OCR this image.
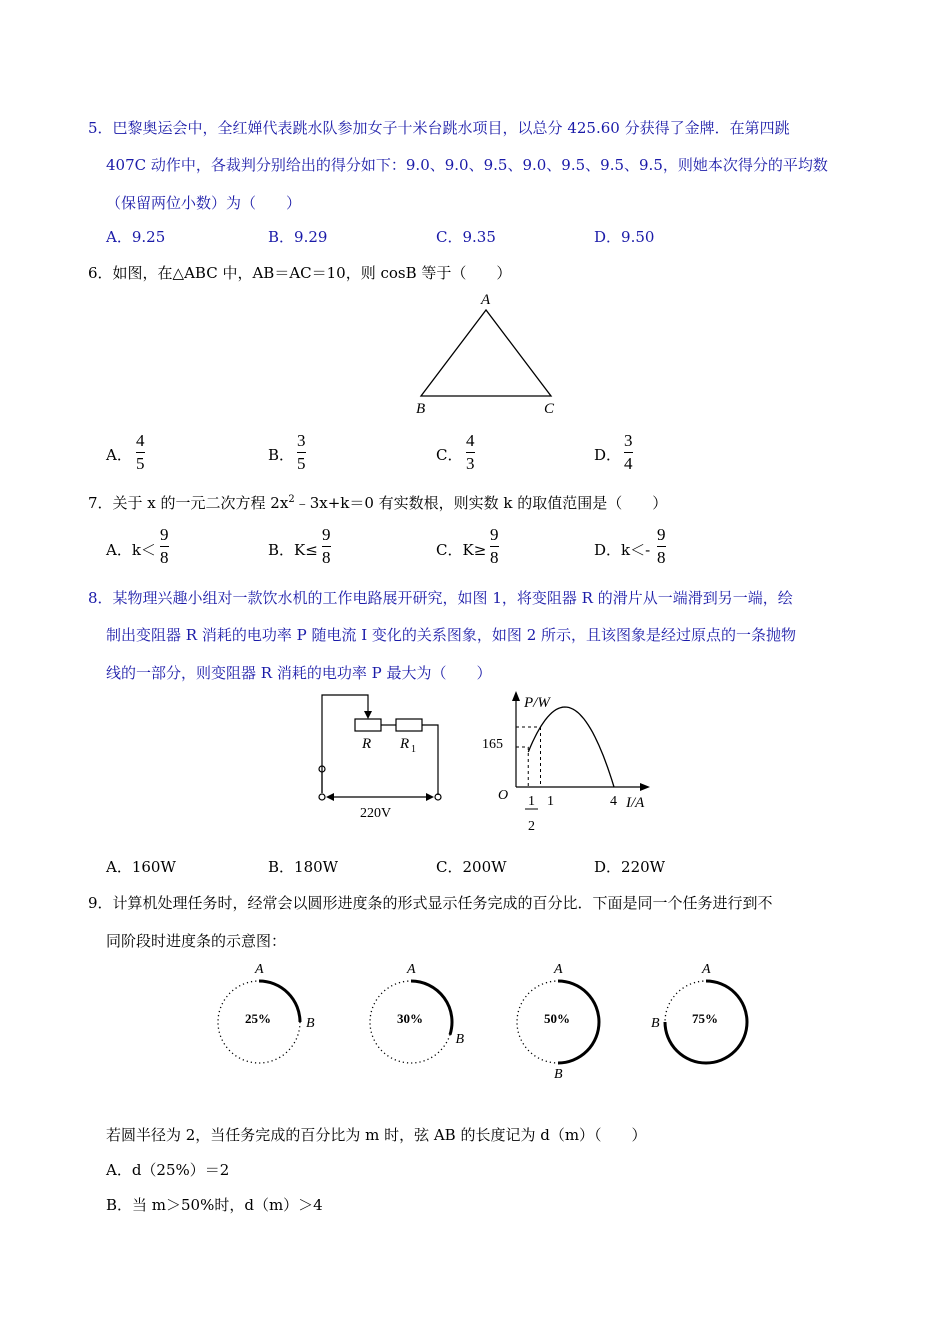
5．巴黎奥运会中，全红婵代表跳水队参加女子十米台跳水项目，以总分 425.60 分获得了金牌．在第四跳
407C 动作中，各裁判分别给出的得分如下：9.0、9.0、9.5、9.0、9.5、9.5、9.5，则她本次得分的平均数
（保留两位小数）为（　　）
A．9.25	B．9.29	C．9.35	D．9.50
6．如图，在△ABC 中，AB＝AC＝10，则 cosB 等于（　　）
A
B	C
A．
4
5	B．
3
5	C．
4
3	D．
3
4
7．关于 x 的一元二次方程 $2x^2﹣3x+k=0$ 有实数根，则实数 k 的取值范围是（　　）
A．k＜
9
8	B．K≤
9
8	C．K≥
9
8	D．k＜-
9
8
8．某物理兴趣小组对一款饮水机的工作电路展开研究，如图 1，将变阻器 R 的滑片从一端滑到另一端，绘
制出变阻器 R 消耗的电功率 P 随电流 I 变化的关系图象，如图 2 所示，且该图象是经过原点的一条抛物
线的一部分，则变阻器 R 消耗的电功率 P 最大为（　　）
R R 1
220V
P/W
165
O 1
2
1	4 I/A
A．160W	B．180W	C．200W	D．220W
9．计算机处理任务时，经常会以圆形进度条的形式显示任务完成的百分比．下面是同一个任务进行到不
同阶段时进度条的示意图：
A
B
25%
A
B
30%
A
B
50%
A
B 75%
若圆半径为 2，当任务完成的百分比为 m 时，弦 AB 的长度记为 d（m）（　　）
A．d（25%）＝2
B．当 m＞50%时，d（m）＞4
